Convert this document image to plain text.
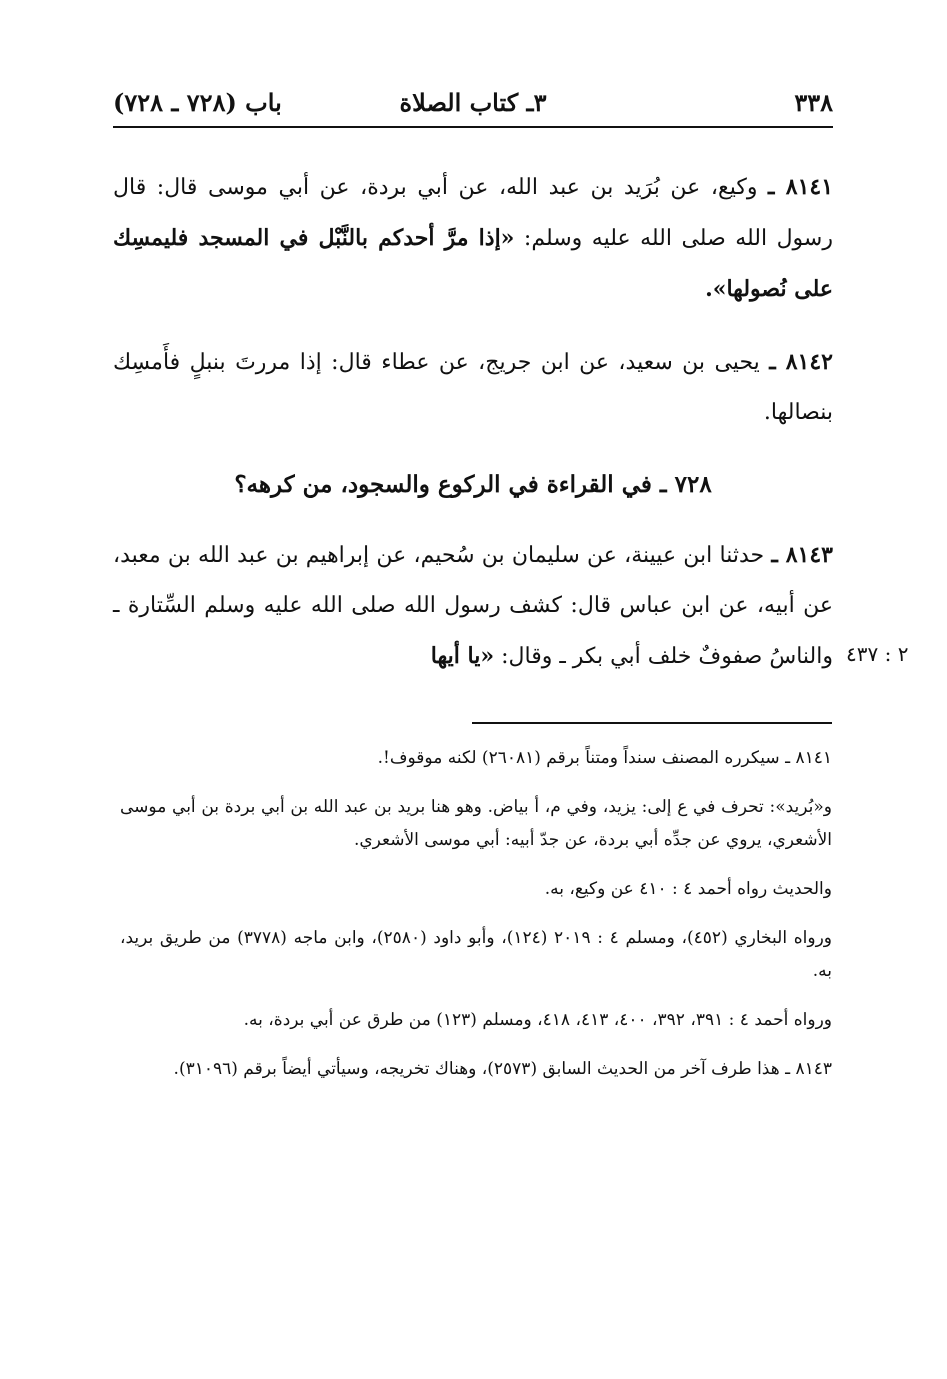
٣٣٨
٣ـ كتاب الصلاة
باب (٧٢٨ ـ ٧٢٨)

٨١٤١ ـ وكيع، عن بُرَيد بن عبد الله، عن أبي بردة، عن أبي موسى قال: قال رسول الله صلى الله عليه وسلم: «إذا مرَّ أحدكم بالنَّبْل في المسجد فليمسِك على نُصولها».

٨١٤٢ ـ يحيى بن سعيد، عن ابن جريج، عن عطاء قال: إذا مررتَ بنبلٍ فأَمسِك بنصالها.

٧٢٨ ـ في القراءة في الركوع والسجود، من كرهه؟

٨١٤٣ ـ حدثنا ابن عيينة، عن سليمان بن سُحيم، عن إبراهيم بن عبد الله بن معبد، عن أبيه، عن ابن عباس قال: كشف رسول الله صلى الله عليه وسلم السِّتارة ـ والناسُ صفوفٌ خلف أبي بكر ـ وقال: «يا أيها	٢ : ٤٣٧

٨١٤١ ـ سيكرره المصنف سنداً ومتناً برقم (٢٦٠٨١) لكنه موقوف!.

و«بُريد»: تحرف في ع إلى: يزيد، وفي م، أ بياض. وهو هنا بريد بن عبد الله بن أبي بردة بن أبي موسى الأشعري، يروي عن جدِّه أبي بردة، عن جدّ أبيه: أبي موسى الأشعري.

والحديث رواه أحمد ٤ : ٤١٠ عن وكيع، به.

ورواه البخاري (٤٥٢)، ومسلم ٤ : ٢٠١٩ (١٢٤)، وأبو داود (٢٥٨٠)، وابن ماجه (٣٧٧٨) من طريق بريد، به.

ورواه أحمد ٤ : ٣٩١، ٣٩٢، ٤٠٠، ٤١٣، ٤١٨، ومسلم (١٢٣) من طرق عن أبي بردة، به.

٨١٤٣ ـ هذا طرف آخر من الحديث السابق (٢٥٧٣)، وهناك تخريجه، وسيأتي أيضاً برقم (٣١٠٩٦).
